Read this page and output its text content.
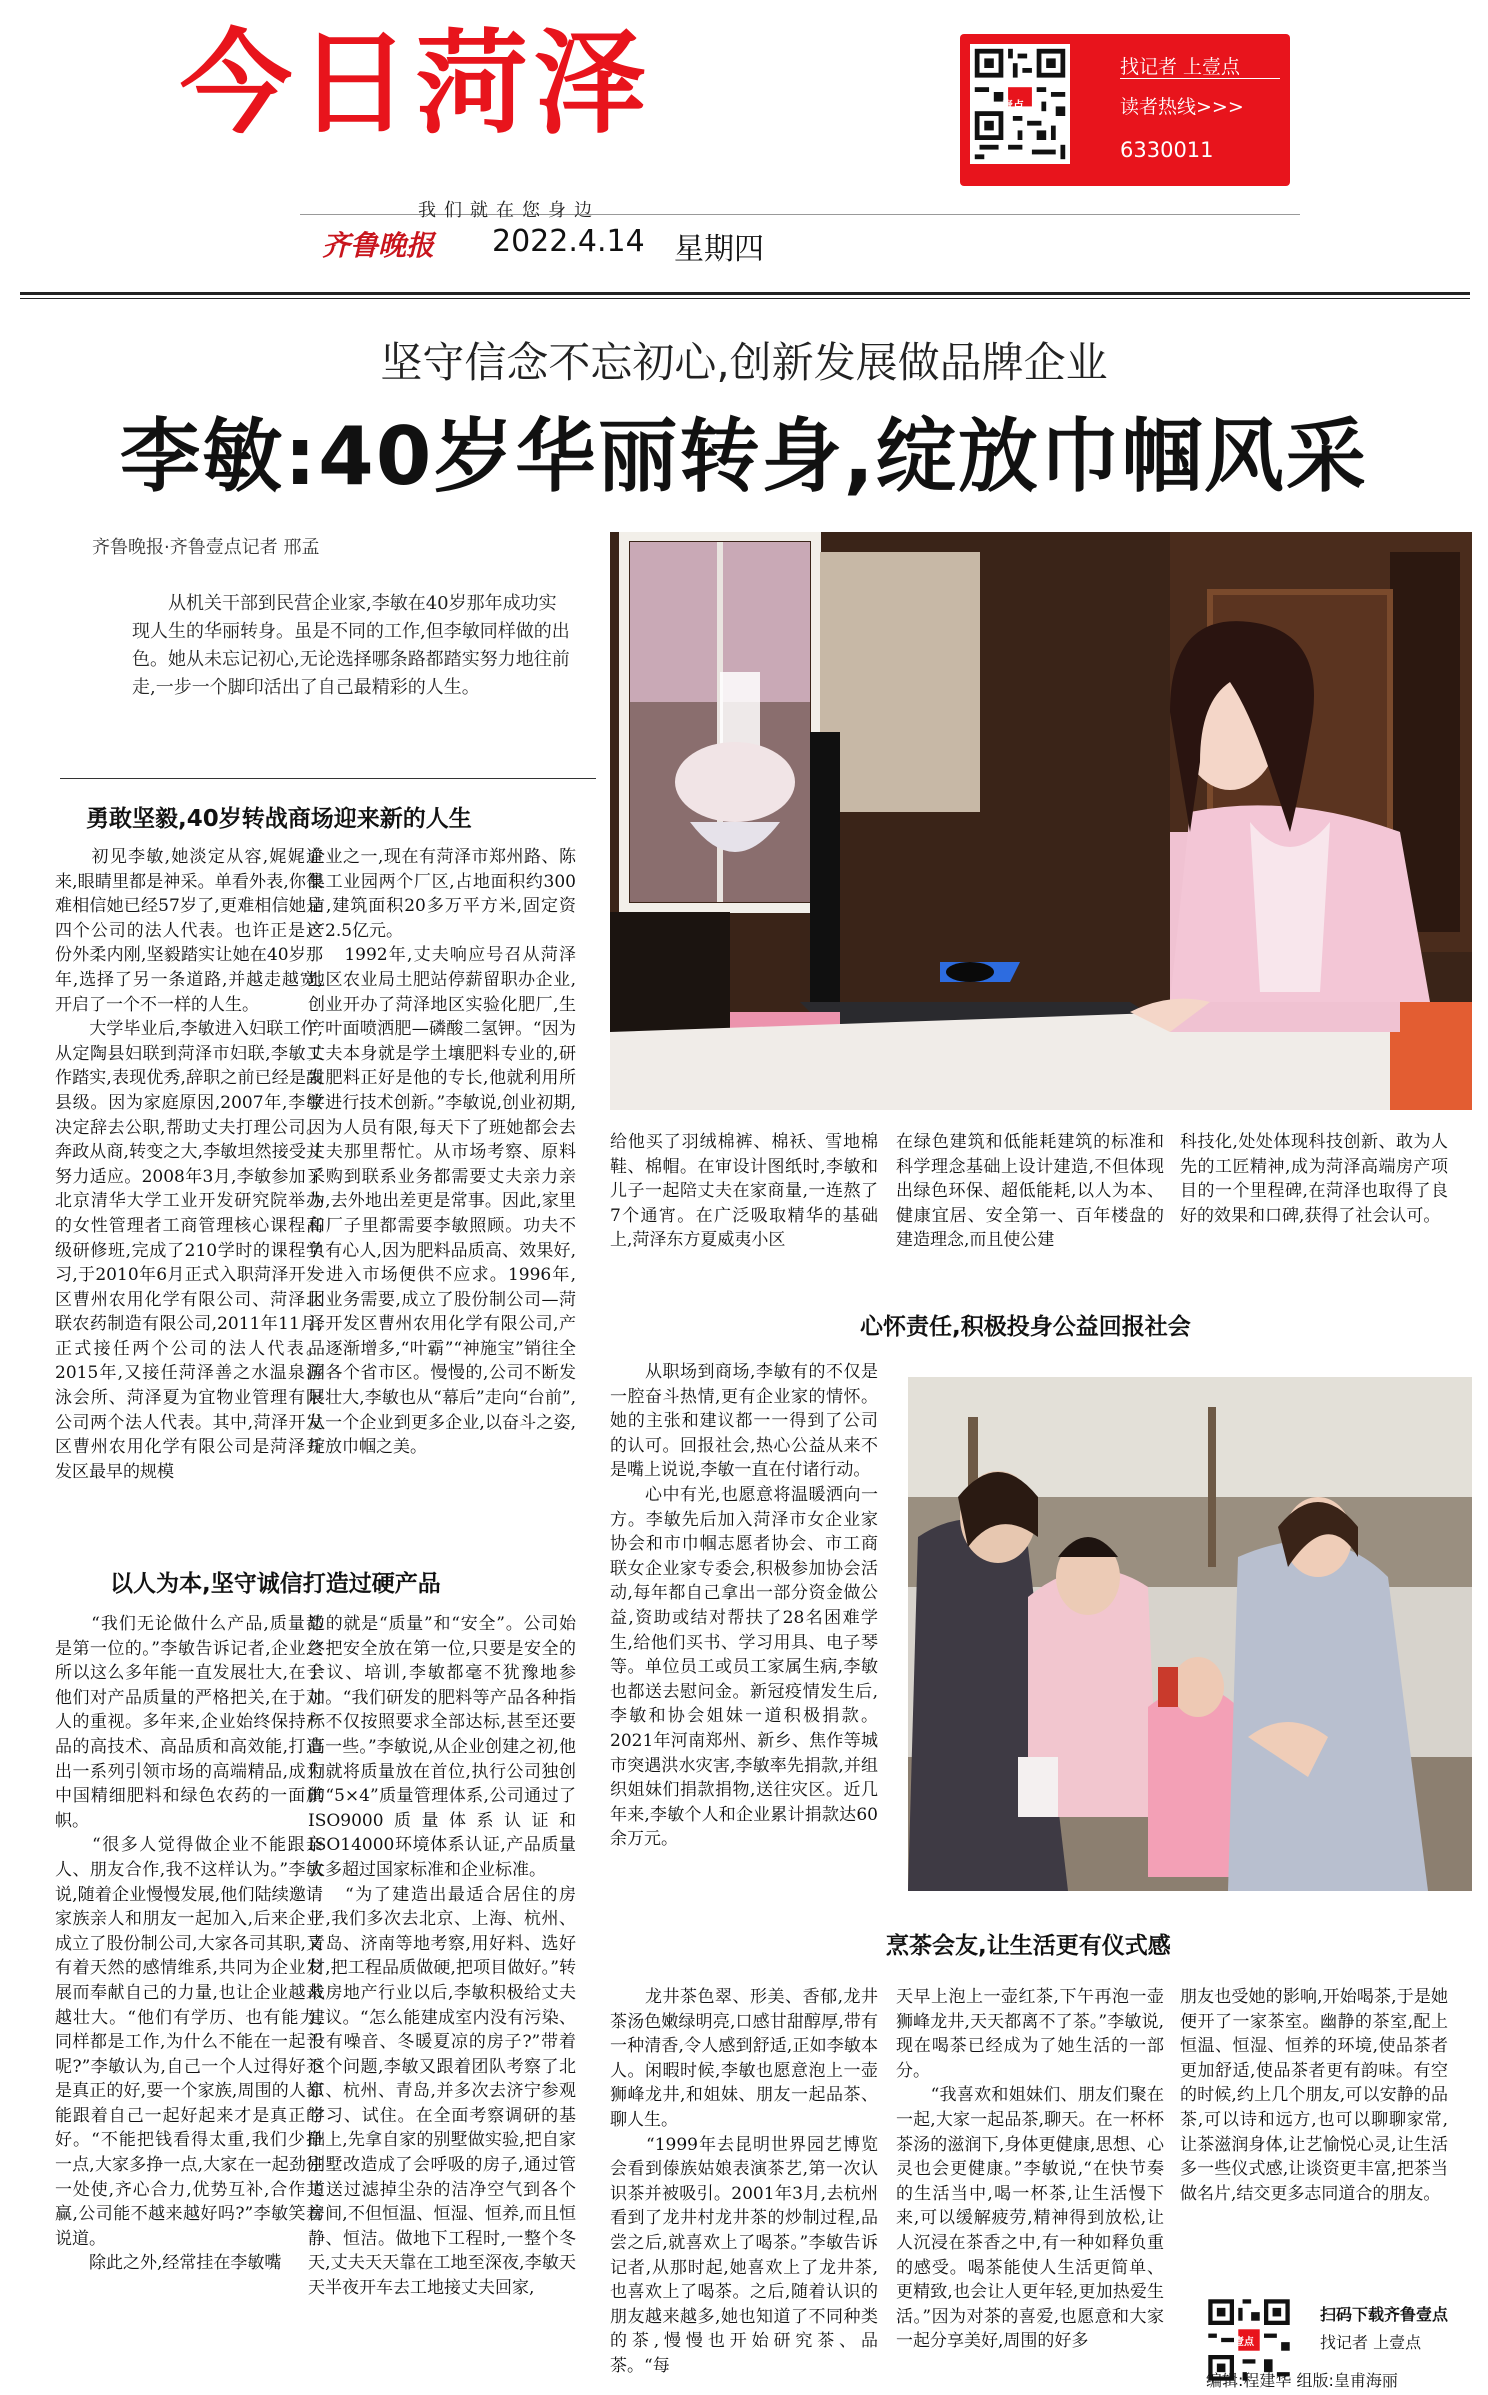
今日菏泽
我们就在您身边
齐鲁晚报 2022.4.14 星期四
壹点
找记者 上壹点
读者热线>>>
6330011
坚守信念不忘初心,创新发展做品牌企业
李敏:40岁华丽转身,绽放巾帼风采
齐鲁晚报·齐鲁壹点记者 邢孟
从机关干部到民营企业家,李敏在40岁那年成功实现人生的华丽转身。虽是不同的工作,但李敏同样做的出色。她从未忘记初心,无论选择哪条路都踏实努力地往前走,一步一个脚印活出了自己最精彩的人生。
勇敢坚毅,40岁转战商场迎来新的人生
　　初见李敏,她淡定从容,娓娓道来,眼睛里都是神采。单看外表,你很难相信她已经57岁了,更难相信她是四个公司的法人代表。也许正是这份外柔内刚,坚毅踏实让她在40岁那年,选择了另一条道路,并越走越宽,开启了一个不一样的人生。
　　大学毕业后,李敏进入妇联工作,从定陶县妇联到菏泽市妇联,李敏工作踏实,表现优秀,辞职之前已经是副县级。因为家庭原因,2007年,李敏决定辞去公职,帮助丈夫打理公司。奔政从商,转变之大,李敏坦然接受并努力适应。2008年3月,李敏参加了北京清华大学工业开发研究院举办的女性管理者工商管理核心课程高级研修班,完成了210学时的课程学习,于2010年6月正式入职菏泽开发区曹州农用化学有限公司、菏泽北联农药制造有限公司,2011年11月,正式接任两个公司的法人代表。2015年,又接任菏泽善之水温泉游泳会所、菏泽夏为宜物业管理有限公司两个法人代表。其中,菏泽开发区曹州农用化学有限公司是菏泽开发区最早的规模
企业之一,现在有菏泽市郑州路、陈集工业园两个厂区,占地面积约300亩,建筑面积20多万平方米,固定资产2.5亿元。
　　1992年,丈夫响应号召从菏泽地区农业局土肥站停薪留职办企业,创业开办了菏泽地区实验化肥厂,生产叶面喷洒肥—磷酸二氢钾。“因为丈夫本身就是学土壤肥料专业的,研发肥料正好是他的专长,他就利用所学进行技术创新。”李敏说,创业初期,因为人员有限,每天下了班她都会去丈夫那里帮忙。从市场考察、原料采购到联系业务都需要丈夫亲力亲为,去外地出差更是常事。因此,家里和厂子里都需要李敏照顾。功夫不负有心人,因为肥料品质高、效果好,一进入市场便供不应求。1996年,因业务需要,成立了股份制公司—菏泽开发区曹州农用化学有限公司,产品逐渐增多,“叶霸”“神施宝”销往全国各个省市区。慢慢的,公司不断发展壮大,李敏也从“幕后”走向“台前”,从一个企业到更多企业,以奋斗之姿,绽放巾帼之美。
以人为本,坚守诚信打造过硬产品
　　“我们无论做什么产品,质量都是第一位的。”李敏告诉记者,企业之所以这么多年能一直发展壮大,在于他们对产品质量的严格把关,在于对人的重视。多年来,企业始终保持产品的高技术、高品质和高效能,打造出一系列引领市场的高端精品,成为中国精细肥料和绿色农药的一面旗帜。
　　“很多人觉得做企业不能跟亲人、朋友合作,我不这样认为。”李敏说,随着企业慢慢发展,他们陆续邀请家族亲人和朋友一起加入,后来企业成立了股份制公司,大家各司其职,又有着天然的感情维系,共同为企业发展而奉献自己的力量,也让企业越来越壮大。“他们有学历、也有能力,同样都是工作,为什么不能在一起干呢?”李敏认为,自己一个人过得好不是真正的好,要一个家族,周围的人都能跟着自己一起好起来才是真正的好。“不能把钱看得太重,我们少挣一点,大家多挣一点,大家在一起劲往一处使,齐心合力,优势互补,合作共赢,公司能不越来越好吗?”李敏笑着说道。
　　除此之外,经常挂在李敏嘴
边的就是“质量”和“安全”。公司始终把安全放在第一位,只要是安全的会议、培训,李敏都毫不犹豫地参加。“我们研发的肥料等产品各种指标不仅按照要求全部达标,甚至还要高一些。”李敏说,从企业创建之初,他们就将质量放在首位,执行公司独创的“5×4”质量管理体系,公司通过了ISO9000质量体系认证和ISO14000环境体系认证,产品质量大多超过国家标准和企业标准。
　　“为了建造出最适合居住的房子,我们多次去北京、上海、杭州、青岛、济南等地考察,用好料、选好材,把工程品质做硬,把项目做好。”转战房地产行业以后,李敏积极给丈夫建议。“怎么能建成室内没有污染、没有噪音、冬暖夏凉的房子?”带着这个问题,李敏又跟着团队考察了北京、杭州、青岛,并多次去济宁参观学习、试住。在全面考察调研的基础上,先拿自家的别墅做实验,把自家别墅改造成了会呼吸的房子,通过管道送过滤掉尘杂的洁净空气到各个房间,不但恒温、恒湿、恒养,而且恒静、恒洁。做地下工程时,一整个冬天,丈夫天天靠在工地至深夜,李敏天天半夜开车去工地接丈夫回家,
给他买了羽绒棉裤、棉袄、雪地棉鞋、棉帽。在审设计图纸时,李敏和儿子一起陪丈夫在家商量,一连熬了7个通宵。在广泛吸取精华的基础上,菏泽东方夏威夷小区
在绿色建筑和低能耗建筑的标准和科学理念基础上设计建造,不但体现出绿色环保、超低能耗,以人为本、健康宜居、安全第一、百年楼盘的建造理念,而且使公建
科技化,处处体现科技创新、敢为人先的工匠精神,成为菏泽高端房产项目的一个里程碑,在菏泽也取得了良好的效果和口碑,获得了社会认可。
心怀责任,积极投身公益回报社会
　　从职场到商场,李敏有的不仅是一腔奋斗热情,更有企业家的情怀。她的主张和建议都一一得到了公司的认可。回报社会,热心公益从来不是嘴上说说,李敏一直在付诸行动。
　　心中有光,也愿意将温暖洒向一方。李敏先后加入菏泽市女企业家协会和市巾帼志愿者协会、市工商联女企业家专委会,积极参加协会活动,每年都自己拿出一部分资金做公益,资助或结对帮扶了28名困难学生,给他们买书、学习用具、电子琴等。单位员工或员工家属生病,李敏也都送去慰问金。新冠疫情发生后,李敏和协会姐妹一道积极捐款。2021年河南郑州、新乡、焦作等城市突遇洪水灾害,李敏率先捐款,并组织姐妹们捐款捐物,送往灾区。近几年来,李敏个人和企业累计捐款达60余万元。
烹茶会友,让生活更有仪式感
　　龙井茶色翠、形美、香郁,龙井茶汤色嫩绿明亮,口感甘甜醇厚,带有一种清香,令人感到舒适,正如李敏本人。闲暇时候,李敏也愿意泡上一壶狮峰龙井,和姐妹、朋友一起品茶、聊人生。
　　“1999年去昆明世界园艺博览会看到傣族姑娘表演茶艺,第一次认识茶并被吸引。2001年3月,去杭州看到了龙井村龙井茶的炒制过程,品尝之后,就喜欢上了喝茶。”李敏告诉记者,从那时起,她喜欢上了龙井茶,也喜欢上了喝茶。之后,随着认识的朋友越来越多,她也知道了不同种类的茶,慢慢也开始研究茶、品茶。“每
天早上泡上一壶红茶,下午再泡一壶狮峰龙井,天天都离不了茶。”李敏说,现在喝茶已经成为了她生活的一部分。
　　“我喜欢和姐妹们、朋友们聚在一起,大家一起品茶,聊天。在一杯杯茶汤的滋润下,身体更健康,思想、心灵也会更健康。”李敏说,“在快节奏的生活当中,喝一杯茶,让生活慢下来,可以缓解疲劳,精神得到放松,让人沉浸在茶香之中,有一种如释负重的感受。喝茶能使人生活更简单、更精致,也会让人更年轻,更加热爱生活。”因为对茶的喜爱,也愿意和大家一起分享美好,周围的好多
朋友也受她的影响,开始喝茶,于是她便开了一家茶室。幽静的茶室,配上恒温、恒湿、恒养的环境,使品茶者更加舒适,使品茶者更有韵味。有空的时候,约上几个朋友,可以安静的品茶,可以诗和远方,也可以聊聊家常,让茶滋润身体,让艺愉悦心灵,让生活多一些仪式感,让谈资更丰富,把茶当做名片,结交更多志同道合的朋友。
壹点
扫码下载齐鲁壹点
找记者 上壹点
编辑:程建华 组版:皇甫海丽
